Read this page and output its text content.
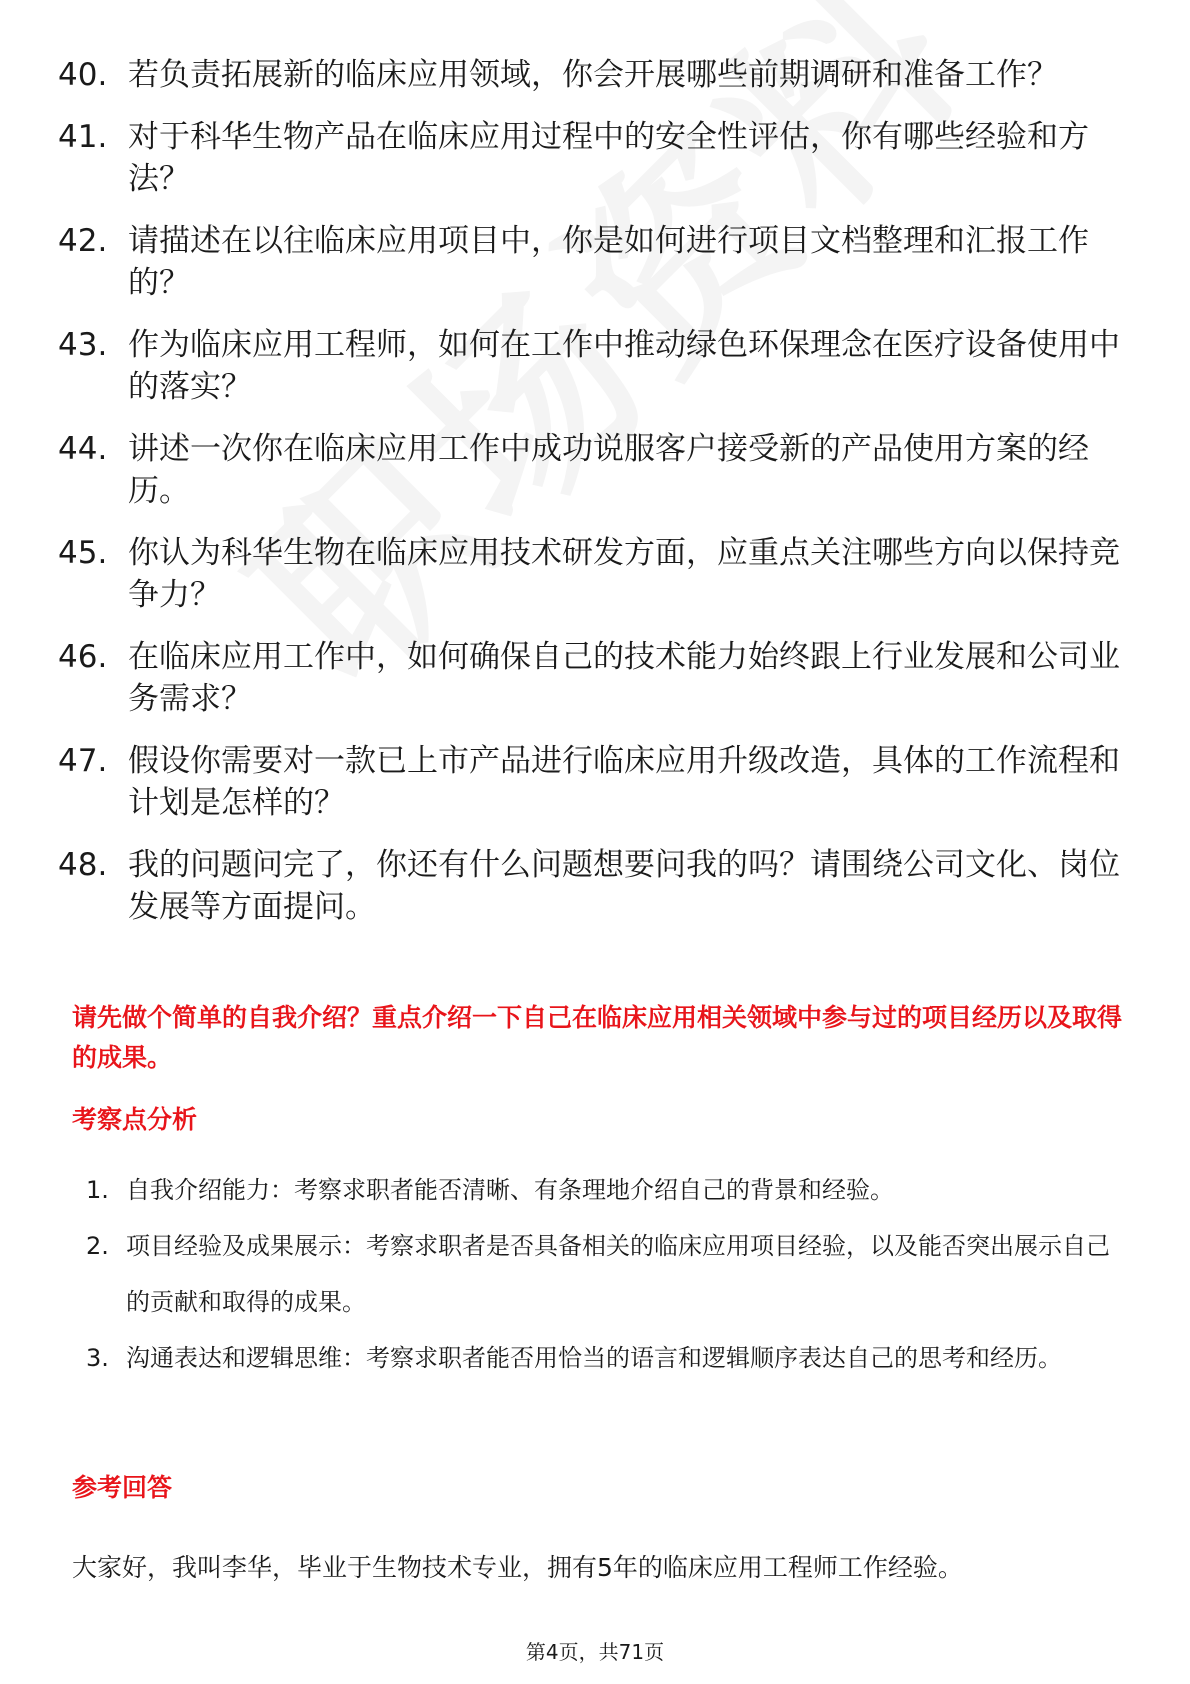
40. 若负责拓展新的临床应用领域，你会开展哪些前期调研和准备工作？
41. 对于科华生物产品在临床应用过程中的安全性评估，你有哪些经验和方法？
42. 请描述在以往临床应用项目中，你是如何进行项目文档整理和汇报工作的？
43. 作为临床应用工程师，如何在工作中推动绿色环保理念在医疗设备使用中的落实？
44. 讲述一次你在临床应用工作中成功说服客户接受新的产品使用方案的经历。
45. 你认为科华生物在临床应用技术研发方面，应重点关注哪些方向以保持竞争力？
46. 在临床应用工作中，如何确保自己的技术能力始终跟上行业发展和公司业务需求？
47. 假设你需要对一款已上市产品进行临床应用升级改造，具体的工作流程和计划是怎样的？
48. 我的问题问完了，你还有什么问题想要问我的吗？请围绕公司文化、岗位发展等方面提问。
请先做个简单的自我介绍？重点介绍一下自己在临床应用相关领域中参与过的项目经历以及取得的成果。
考察点分析
1. 自我介绍能力：考察求职者能否清晰、有条理地介绍自己的背景和经验。
2. 项目经验及成果展示：考察求职者是否具备相关的临床应用项目经验，以及能否突出展示自己的贡献和取得的成果。
3. 沟通表达和逻辑思维：考察求职者能否用恰当的语言和逻辑顺序表达自己的思考和经历。
参考回答
大家好，我叫李华，毕业于生物技术专业，拥有5年的临床应用工程师工作经验。
第4页，共71页
